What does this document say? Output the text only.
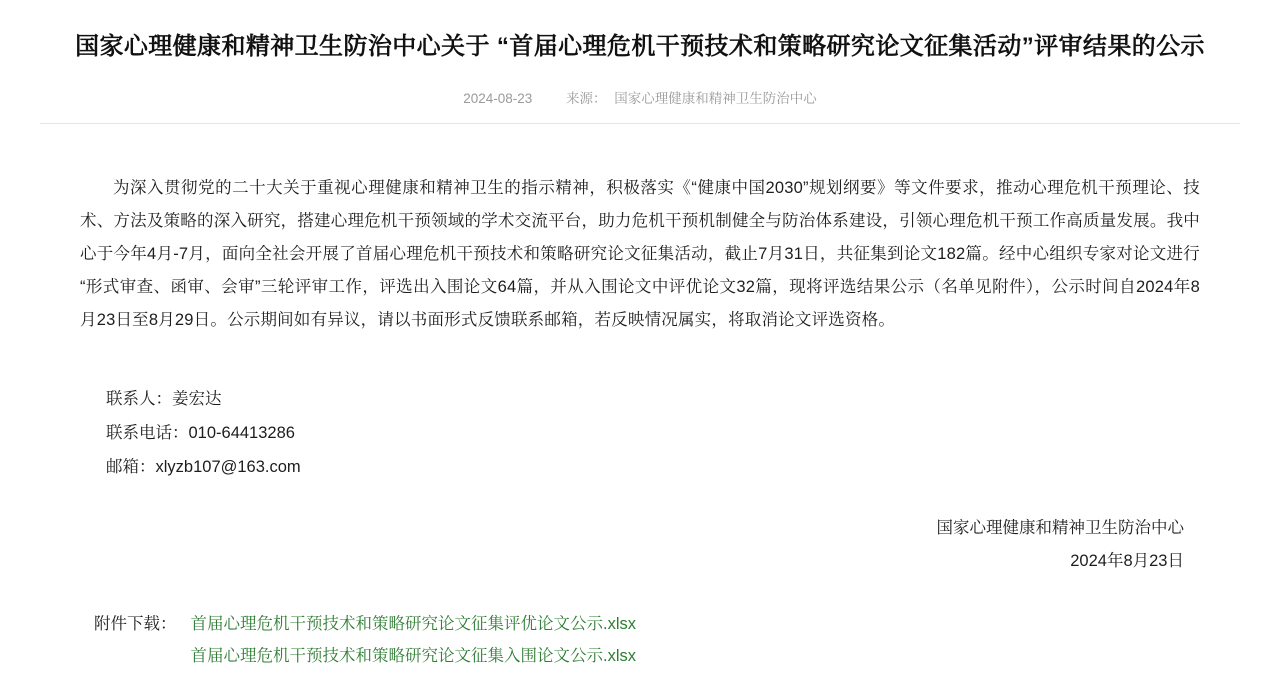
国家心理健康和精神卫生防治中心关于 “首届心理危机干预技术和策略研究论文征集活动”评审结果的公示
2024-08-23	来源： 国家心理健康和精神卫生防治中心

为深入贯彻党的二十大关于重视心理健康和精神卫生的指示精神，积极落实《“健康中国2030”规划纲要》等文件要求，推动心理危机干预理论、技术、方法及策略的深入研究，搭建心理危机干预领域的学术交流平台，助力危机干预机制健全与防治体系建设，引领心理危机干预工作高质量发展。我中心于今年4月-7月，面向全社会开展了首届心理危机干预技术和策略研究论文征集活动，截止7月31日，共征集到论文182篇。经中心组织专家对论文进行“形式审查、函审、会审”三轮评审工作，评选出入围论文64篇，并从入围论文中评优论文32篇，现将评选结果公示（名单见附件），公示时间自2024年8月23日至8月29日。公示期间如有异议，请以书面形式反馈联系邮箱，若反映情况属实，将取消论文评选资格。

联系人：姜宏达
联系电话：010-64413286
邮箱：xlyzb107@163.com
国家心理健康和精神卫生防治中心
2024年8月23日
附件下载： 首届心理危机干预技术和策略研究论文征集评优论文公示.xlsx
首届心理危机干预技术和策略研究论文征集入围论文公示.xlsx
